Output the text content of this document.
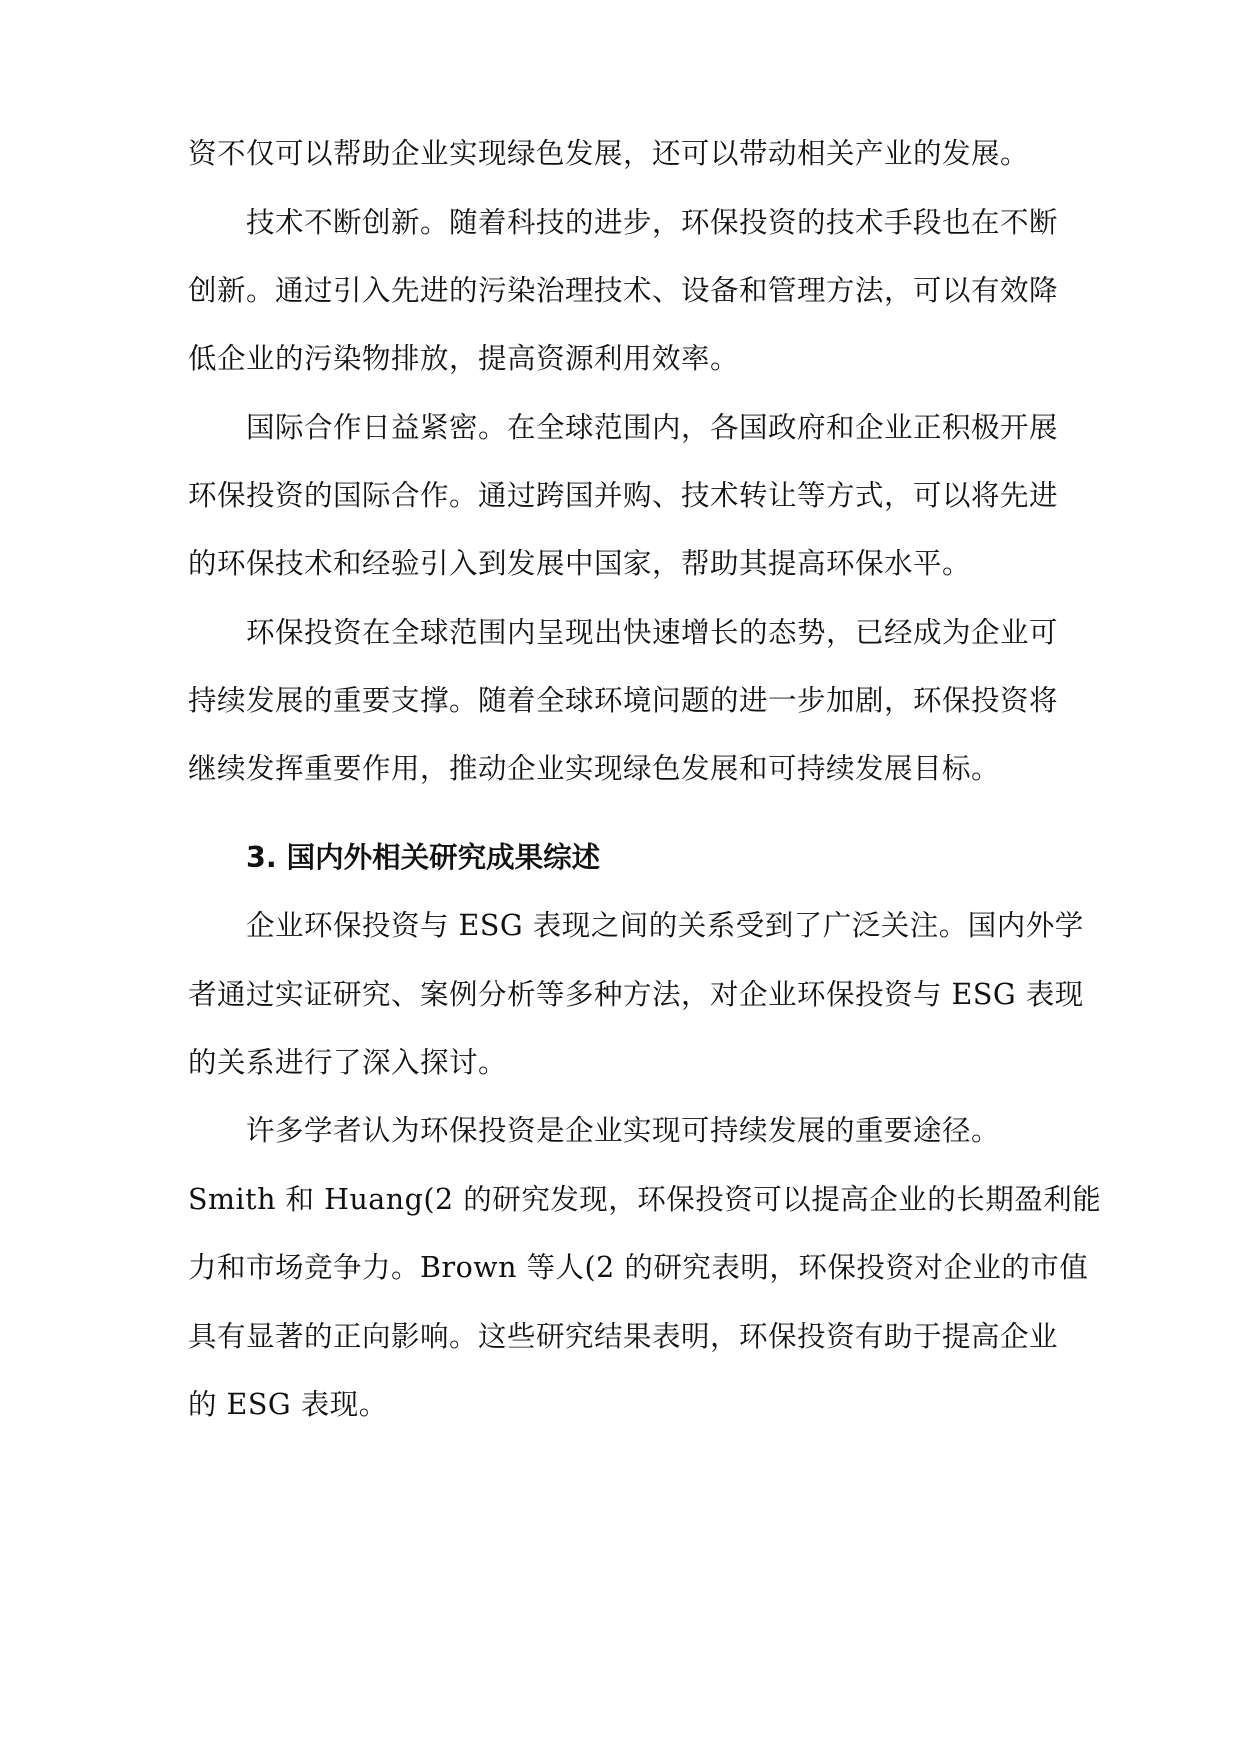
资不仅可以帮助企业实现绿色发展，还可以带动相关产业的发展。
技术不断创新。随着科技的进步，环保投资的技术手段也在不断
创新。通过引入先进的污染治理技术、设备和管理方法，可以有效降
低企业的污染物排放，提高资源利用效率。
国际合作日益紧密。在全球范围内，各国政府和企业正积极开展
环保投资的国际合作。通过跨国并购、技术转让等方式，可以将先进
的环保技术和经验引入到发展中国家，帮助其提高环保水平。
环保投资在全球范围内呈现出快速增长的态势，已经成为企业可
持续发展的重要支撑。随着全球环境问题的进一步加剧，环保投资将
继续发挥重要作用，推动企业实现绿色发展和可持续发展目标。
3. 国内外相关研究成果综述
企业环保投资与 ESG 表现之间的关系受到了广泛关注。国内外学
者通过实证研究、案例分析等多种方法，对企业环保投资与 ESG 表现
的关系进行了深入探讨。
许多学者认为环保投资是企业实现可持续发展的重要途径。
Smith 和 Huang(2 的研究发现，环保投资可以提高企业的长期盈利能
力和市场竞争力。Brown 等人(2 的研究表明，环保投资对企业的市值
具有显著的正向影响。这些研究结果表明，环保投资有助于提高企业
的 ESG 表现。
